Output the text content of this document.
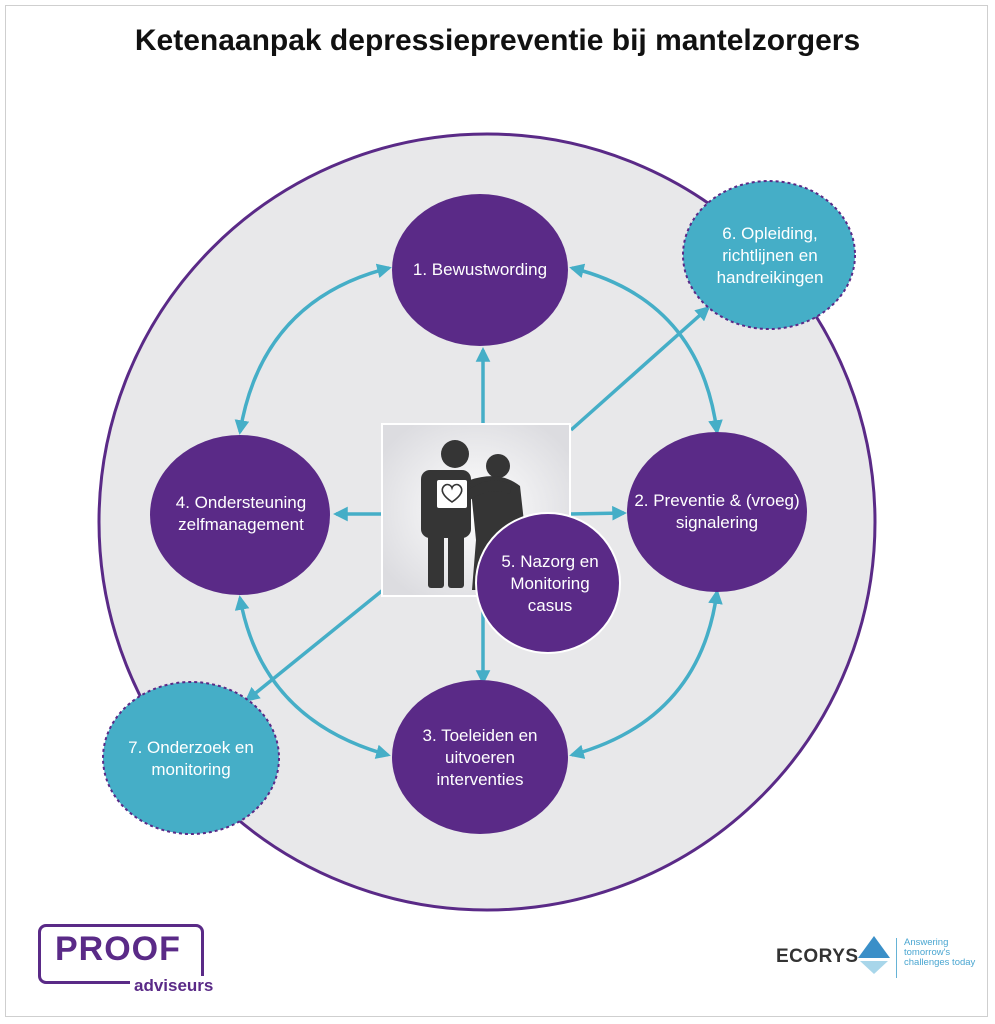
Ketenaanpak depressiepreventie bij mantelzorgers
1. Bewustwording
2. Preventie & (vroeg) signalering
3. Toeleiden en uitvoeren interventies
4. Ondersteuning zelfmanagement
5. Nazorg en Monitoring casus
6. Opleiding, richtlijnen en handreikingen
7. Onderzoek en monitoring
PROOF
adviseurs
ECORYS
Answering tomorrow's challenges today
